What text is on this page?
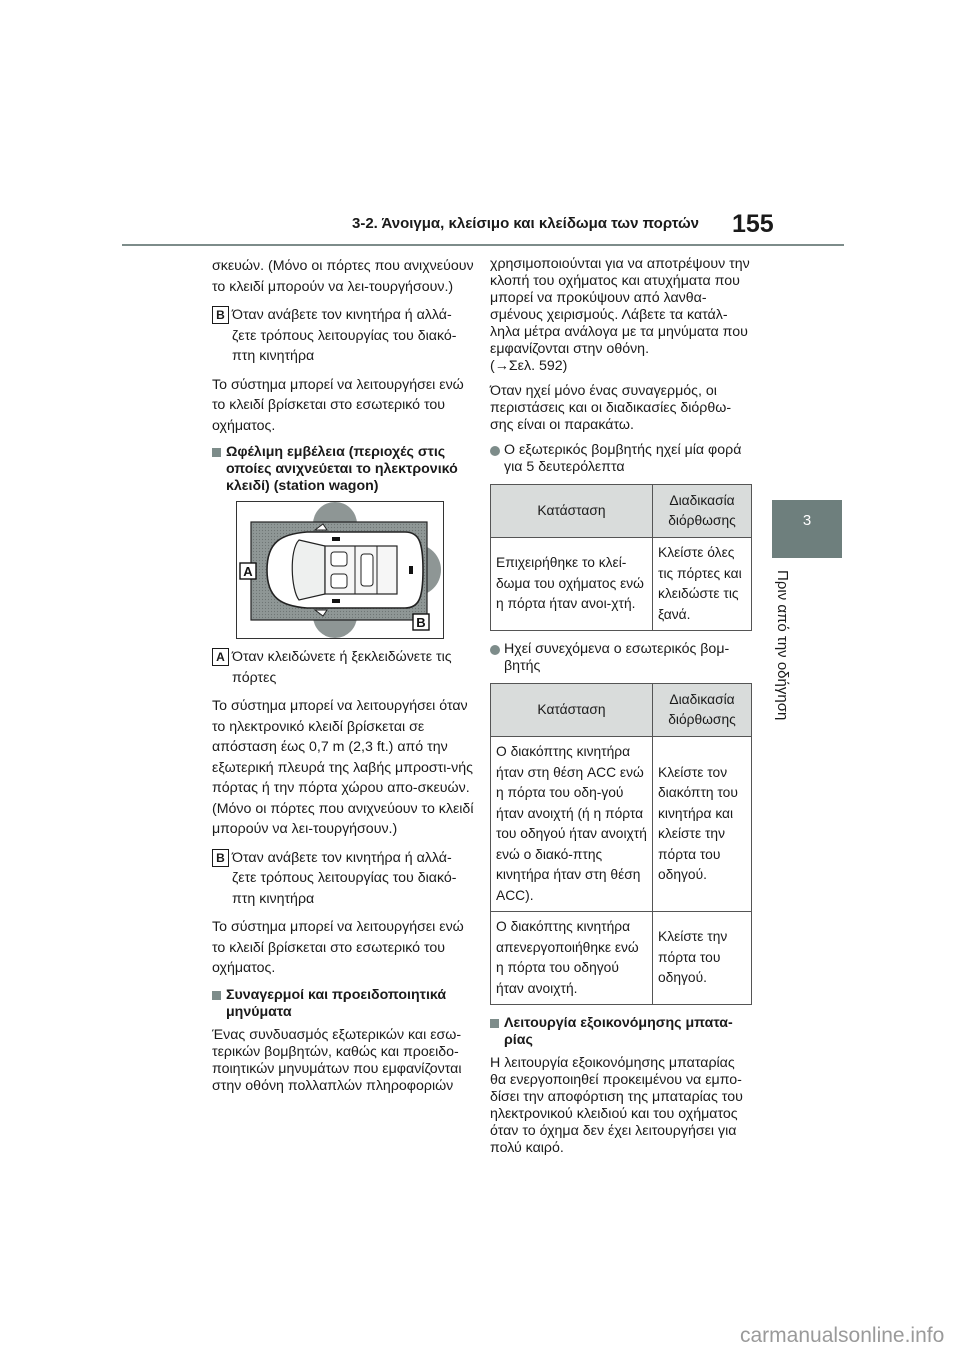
3-2. Άνοιγμα, κλείσιμο και κλείδωμα των πορτών 155
3
Πριν από την οδήγηση

σκευών. (Μόνο οι πόρτες που ανιχνεύουν το κλειδί μπορούν να λει-τουργήσουν.)

B Όταν ανάβετε τον κινητήρα ή αλλά-ζετε τρόπους λειτουργίας του διακό-πτη κινητήρα

Το σύστημα μπορεί να λειτουργήσει ενώ το κλειδί βρίσκεται στο εσωτερικό του οχήματος.

Ωφέλιμη εμβέλεια (περιοχές στις οποίες ανιχνεύεται το ηλεκτρονικό κλειδί) (station wagon)
A
B
A Όταν κλειδώνετε ή ξεκλειδώνετε τις πόρτες

Το σύστημα μπορεί να λειτουργήσει όταν το ηλεκτρονικό κλειδί βρίσκεται σε απόσταση έως 0,7 m (2,3 ft.) από την εξωτερική πλευρά της λαβής μπροστι-νής πόρτας ή την πόρτα χώρου απο-σκευών. (Μόνο οι πόρτες που ανιχνεύουν το κλειδί μπορούν να λει-τουργήσουν.)

B Όταν ανάβετε τον κινητήρα ή αλλά-ζετε τρόπους λειτουργίας του διακό-πτη κινητήρα

Το σύστημα μπορεί να λειτουργήσει ενώ το κλειδί βρίσκεται στο εσωτερικό του οχήματος.

Συναγερμοί και προειδοποιητικά μηνύματα

Ένας συνδυασμός εξωτερικών και εσω-τερικών βομβητών, καθώς και προειδο-ποιητικών μηνυμάτων που εμφανίζονται στην οθόνη πολλαπλών πληροφοριών

χρησιμοποιούνται για να αποτρέψουν την κλοπή του οχήματος και ατυχήματα που μπορεί να προκύψουν από λανθα-σμένους χειρισμούς. Λάβετε τα κατάλ-ληλα μέτρα ανάλογα με τα μηνύματα που εμφανίζονται στην οθόνη.

(→Σελ. 592)

Όταν ηχεί μόνο ένας συναγερμός, οι περιστάσεις και οι διαδικασίες διόρθω-σης είναι οι παρακάτω.

Ο εξωτερικός βομβητής ηχεί μία φορά για 5 δευτερόλεπτα
Κατάσταση	Διαδικασία διόρθωσης
Επιχειρήθηκε το κλεί-δωμα του οχήματος ενώ η πόρτα ήταν ανοι-χτή.	Κλείστε όλες τις πόρτες και κλειδώστε τις ξανά.
Ηχεί συνεχόμενα ο εσωτερικός βομ-βητής
Κατάσταση	Διαδικασία διόρθωσης
Ο διακόπτης κινητήρα ήταν στη θέση ACC ενώ η πόρτα του οδη-γού ήταν ανοιχτή (ή η πόρτα του οδηγού ήταν ανοιχτή ενώ ο διακό-πτης κινητήρα ήταν στη θέση ACC).	Κλείστε τον διακόπτη του κινητήρα και κλείστε την πόρτα του οδηγού.
Ο διακόπτης κινητήρα απενεργοποιήθηκε ενώ η πόρτα του οδηγού ήταν ανοιχτή.	Κλείστε την πόρτα του οδηγού.
Λειτουργία εξοικονόμησης μπατα-ρίας

Η λειτουργία εξοικονόμησης μπαταρίας θα ενεργοποιηθεί προκειμένου να εμπο-δίσει την αποφόρτιση της μπαταρίας του ηλεκτρονικού κλειδιού και του οχήματος όταν το όχημα δεν έχει λειτουργήσει για πολύ καιρό.

carmanualsonline.info
